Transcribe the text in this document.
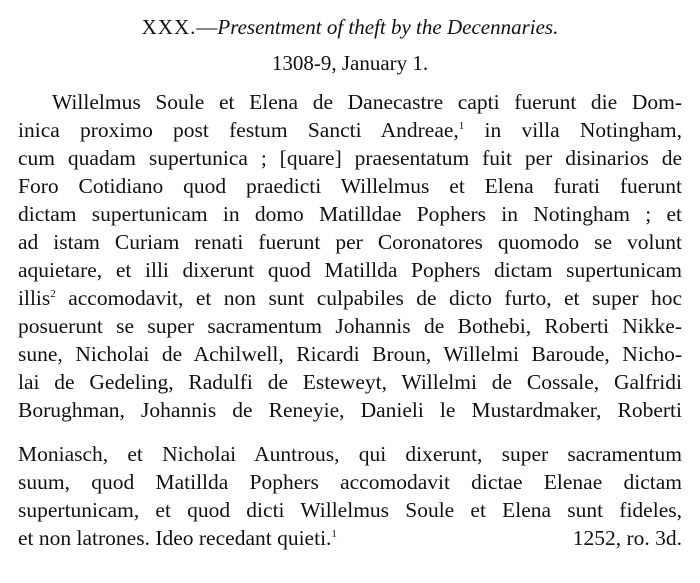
XXX.—Presentment of theft by the Decennaries.
1308-9, January 1.
Willelmus Soule et Elena de Danecastre capti fuerunt die Dom-
inica proximo post festum Sancti Andreae,$^1$ in villa Notingham,
cum quadam supertunica ; [quare] praesentatum fuit per disinarios de
Foro Cotidiano quod praedicti Willelmus et Elena furati fuerunt
dictam supertunicam in domo Matilldae Pophers in Notingham ; et
ad istam Curiam renati fuerunt per Coronatores quomodo se volunt
aquietare, et illi dixerunt quod Matillda Pophers dictam supertunicam
illis$^2$ accomodavit, et non sunt culpabiles de dicto furto, et super hoc
posuerunt se super sacramentum Johannis de Bothebi, Roberti Nikke-
sune, Nicholai de Achilwell, Ricardi Broun, Willelmi Baroude, Nicho-
lai de Gedeling, Radulfi de Esteweyt, Willelmi de Cossale, Galfridi
Borughman, Johannis de Reneyie, Danieli le Mustardmaker, Roberti
Moniasch, et Nicholai Auntrous, qui dixerunt, super sacramentum
suum, quod Matillda Pophers accomodavit dictae Elenae dictam
supertunicam, et quod dicti Willelmus Soule et Elena sunt fideles,
et non latrones. Ideo recedant quieti.$^1$	1252, ro. 3d.
